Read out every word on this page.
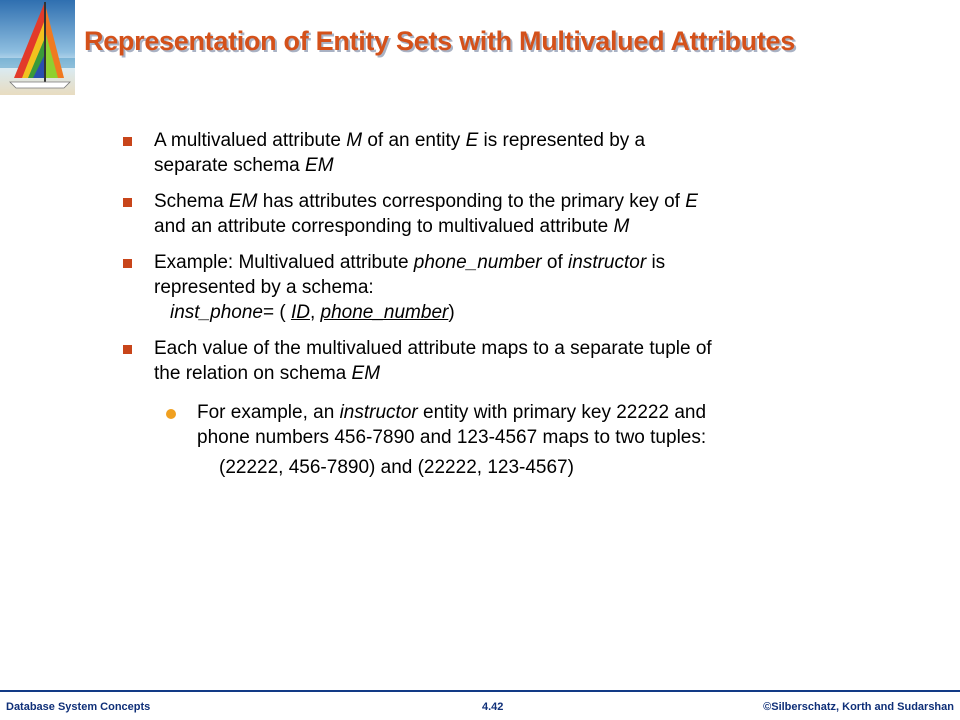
Representation of Entity Sets with Multivalued Attributes
A multivalued attribute M of an entity E is represented by a
separate schema EM
Schema EM has attributes corresponding to the primary key of E
and an attribute corresponding to multivalued attribute M
Example: Multivalued attribute phone_number of instructor is
represented by a schema:
inst_phone= ( ID, phone_number)
Each value of the multivalued attribute maps to a separate tuple of
the relation on schema EM
For example, an instructor entity with primary key 22222 and
phone numbers 456-7890 and 123-4567 maps to two tuples:
(22222, 456-7890) and (22222, 123-4567)
Database System Concepts	4.42	©Silberschatz, Korth and Sudarshan
